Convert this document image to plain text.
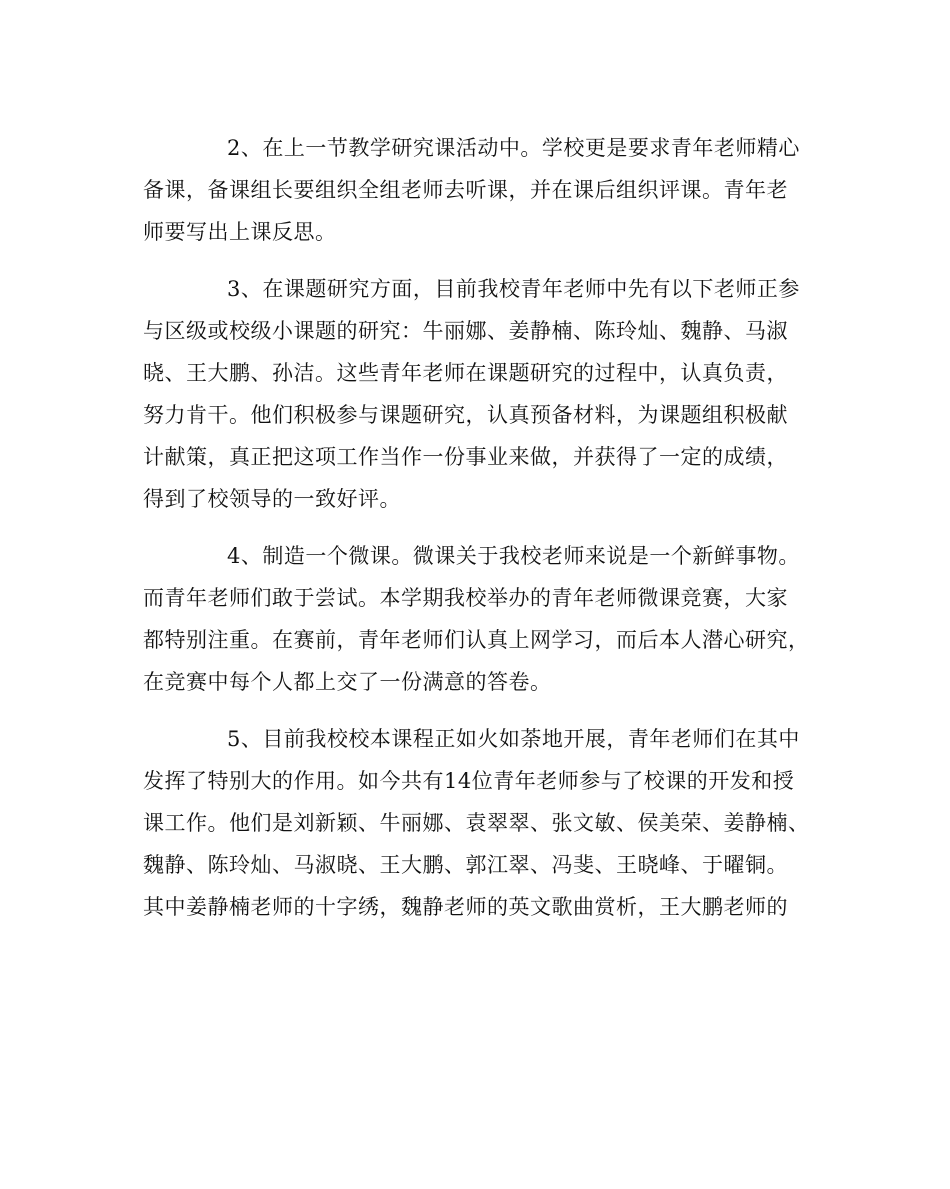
2、在上一节教学研究课活动中。学校更是要求青年老师精心
备课，备课组长要组织全组老师去听课，并在课后组织评课。青年老
师要写出上课反思。
3、在课题研究方面，目前我校青年老师中先有以下老师正参
与区级或校级小课题的研究：牛丽娜、姜静楠、陈玲灿、魏静、马淑
晓、王大鹏、孙洁。这些青年老师在课题研究的过程中，认真负责，
努力肯干。他们积极参与课题研究，认真预备材料，为课题组积极献
计献策，真正把这项工作当作一份事业来做，并获得了一定的成绩，
得到了校领导的一致好评。
4、制造一个微课。微课关于我校老师来说是一个新鲜事物。
而青年老师们敢于尝试。本学期我校举办的青年老师微课竞赛，大家
都特别注重。在赛前，青年老师们认真上网学习，而后本人潜心研究，
在竞赛中每个人都上交了一份满意的答卷。
5、目前我校校本课程正如火如荼地开展，青年老师们在其中
发挥了特别大的作用。如今共有14位青年老师参与了校课的开发和授
课工作。他们是刘新颖、牛丽娜、袁翠翠、张文敏、侯美荣、姜静楠、
魏静、陈玲灿、马淑晓、王大鹏、郭江翠、冯斐、王晓峰、于曜铜。
其中姜静楠老师的十字绣，魏静老师的英文歌曲赏析，王大鹏老师的
